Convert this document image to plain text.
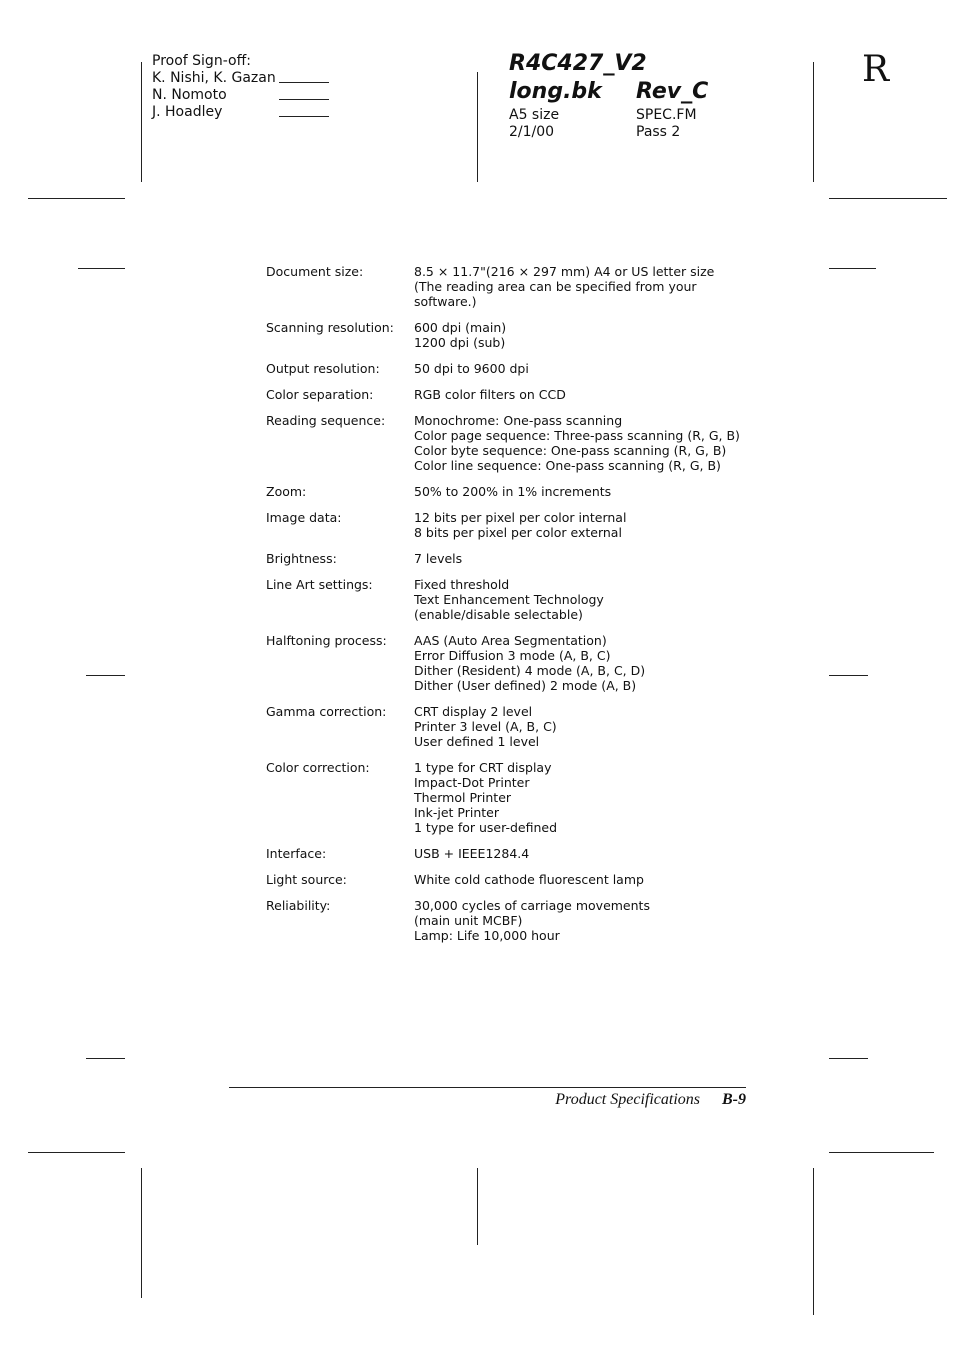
Proof Sign-off:
K. Nishi, K. Gazan
N. Nomoto
J. Hoadley
R4C427_V2
long.bk	Rev_C
A5 size
2/1/00
SPEC.FM
Pass 2
R
Document size:	8.5 × 11.7"(216 × 297 mm) A4 or US letter size
(The reading area can be specified from your
software.)
Scanning resolution:	600 dpi (main)
1200 dpi (sub)
Output resolution:	50 dpi to 9600 dpi
Color separation:	RGB color filters on CCD
Reading sequence:	Monochrome: One-pass scanning
Color page sequence: Three-pass scanning (R, G, B)
Color byte sequence: One-pass scanning (R, G, B)
Color line sequence: One-pass scanning (R, G, B)
Zoom:	50% to 200% in 1% increments
Image data:	12 bits per pixel per color internal
8 bits per pixel per color external
Brightness:	7 levels
Line Art settings:	Fixed threshold
Text Enhancement Technology
(enable/disable selectable)
Halftoning process:	AAS (Auto Area Segmentation)
Error Diffusion 3 mode (A, B, C)
Dither (Resident) 4 mode (A, B, C, D)
Dither (User defined) 2 mode (A, B)
Gamma correction:	CRT display 2 level
Printer 3 level (A, B, C)
User defined 1 level
Color correction:	1 type for CRT display
Impact-Dot Printer
Thermol Printer
Ink-jet Printer
1 type for user-defined
Interface:	USB + IEEE1284.4
Light source:	White cold cathode fluorescent lamp
Reliability:	30,000 cycles of carriage movements
(main unit MCBF)
Lamp: Life 10,000 hour
Product Specifications B-9
